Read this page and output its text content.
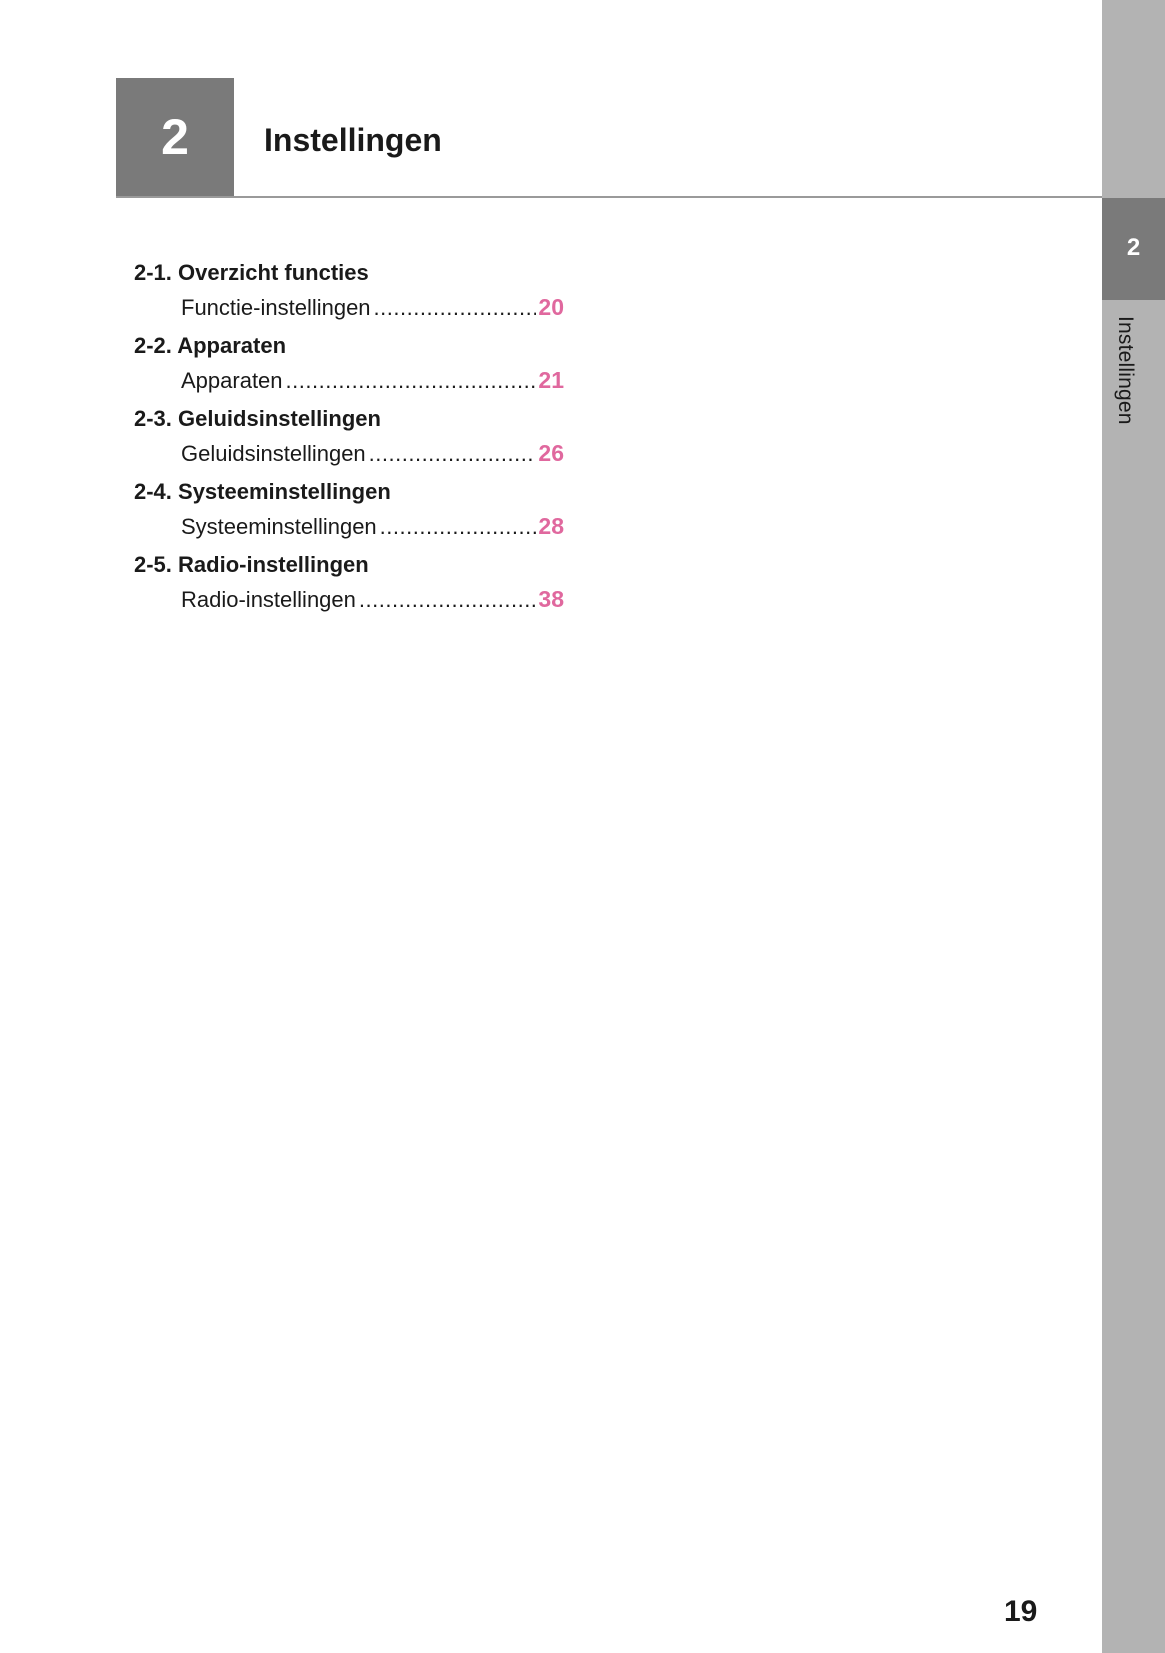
2
Instellingen
2	Instellingen
2-1. Overzicht functies
Functie-instellingen .....	20
2-2. Apparaten
Apparaten .....	21
2-3. Geluidsinstellingen
Geluidsinstellingen .....	26
2-4. Systeeminstellingen
Systeeminstellingen .....	28
2-5. Radio-instellingen
Radio-instellingen .....	38
19
